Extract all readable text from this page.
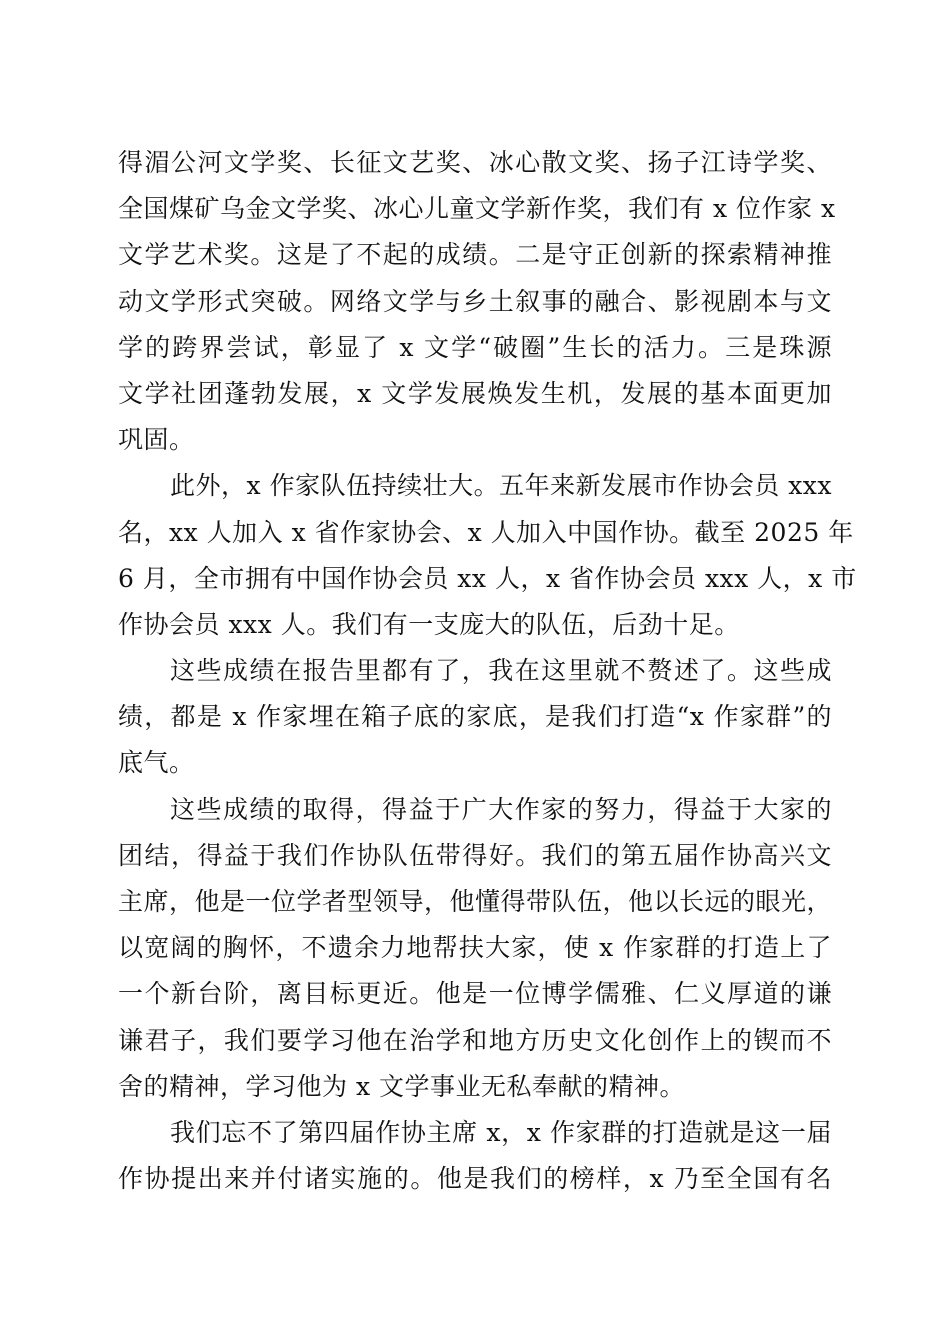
得湄公河文学奖、长征文艺奖、冰心散文奖、扬子江诗学奖、
全国煤矿乌金文学奖、冰心儿童文学新作奖，我们有 x 位作家 x
文学艺术奖。这是了不起的成绩。二是守正创新的探索精神推
动文学形式突破。网络文学与乡土叙事的融合、影视剧本与文
学的跨界尝试，彰显了 x 文学“破圈”生长的活力。三是珠源
文学社团蓬勃发展，x 文学发展焕发生机，发展的基本面更加
巩固。
此外，x 作家队伍持续壮大。五年来新发展市作协会员 xxx
名，xx 人加入 x 省作家协会、x 人加入中国作协。截至 2025 年
6 月，全市拥有中国作协会员 xx 人，x 省作协会员 xxx 人，x 市
作协会员 xxx 人。我们有一支庞大的队伍，后劲十足。
这些成绩在报告里都有了，我在这里就不赘述了。这些成
绩，都是 x 作家埋在箱子底的家底，是我们打造“x 作家群”的
底气。
这些成绩的取得，得益于广大作家的努力，得益于大家的
团结，得益于我们作协队伍带得好。我们的第五届作协高兴文
主席，他是一位学者型领导，他懂得带队伍，他以长远的眼光，
以宽阔的胸怀，不遗余力地帮扶大家，使 x 作家群的打造上了
一个新台阶，离目标更近。他是一位博学儒雅、仁义厚道的谦
谦君子，我们要学习他在治学和地方历史文化创作上的锲而不
舍的精神，学习他为 x 文学事业无私奉献的精神。
我们忘不了第四届作协主席 x，x 作家群的打造就是这一届
作协提出来并付诸实施的。他是我们的榜样，x 乃至全国有名
